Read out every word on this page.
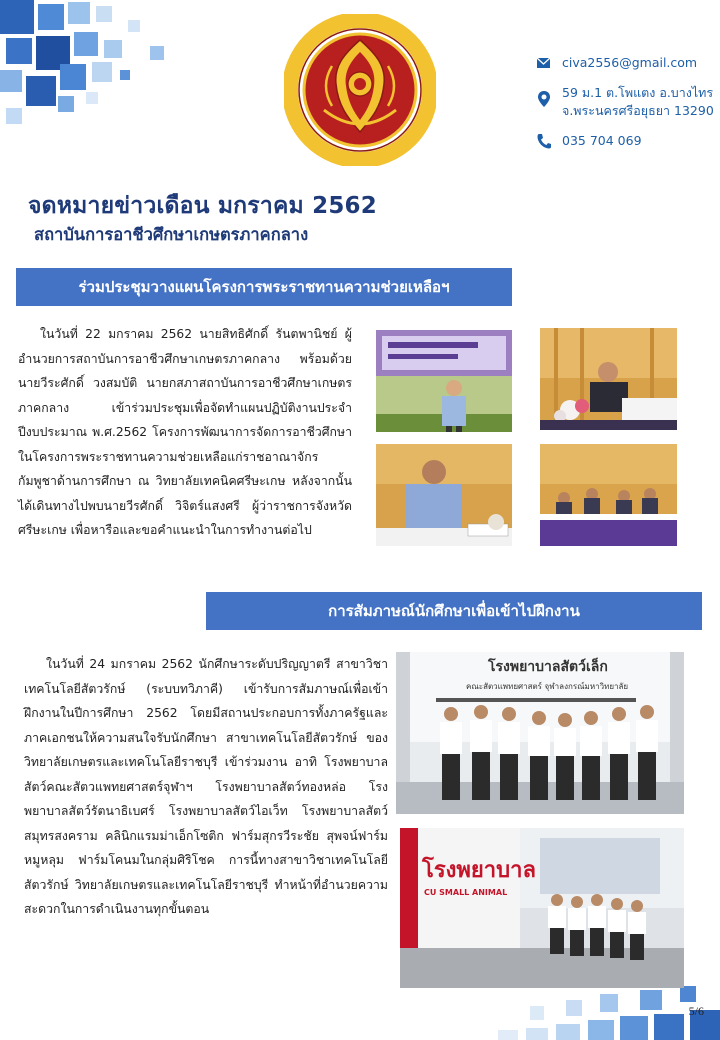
civa2556@gmail.com
59 ม.1 ต.โพแตง อ.บางไทร
จ.พระนครศรีอยุธยา 13290
035 704 069
จดหมายข่าวเดือน มกราคม 2562
สถาบันการอาชีวศึกษาเกษตรภาคกลาง
ร่วมประชุมวางแผนโครงการพระราชทานความช่วยเหลือฯ

ในวันที่ 22 มกราคม 2562 นายสิทธิศักดิ์ รันตพานิชย์ ผู้อำนวยการสถาบันการอาชีวศึกษาเกษตรภาคกลาง พร้อมด้วย นายวีระศักดิ์ วงสมบัติ นายกสภาสถาบันการอาชีวศึกษาเกษตรภาคกลาง เข้าร่วมประชุมเพื่อจัดทำแผนปฏิบัติงานประจำปีงบประมาณ พ.ศ.2562 โครงการพัฒนาการจัดการอาชีวศึกษาในโครงการพระราชทานความช่วยเหลือแก่ราชอาณาจักรกัมพูชาด้านการศึกษา ณ วิทยาลัยเทคนิคศรีษะเกษ หลังจากนั้นได้เดินทางไปพบนายวีรศักดิ์ วิจิตร์แสงศรี ผู้ว่าราชการจังหวัดศรีษะเกษ เพื่อหารือและขอคำแนะนำในการทำงานต่อไป

การสัมภาษณ์นักศึกษาเพื่อเข้าไปฝึกงาน

ในวันที่ 24 มกราคม 2562 นักศึกษาระดับปริญญาตรี สาขาวิชาเทคโนโลยีสัตวรักษ์ (ระบบทวิภาคี) เข้ารับการสัมภาษณ์เพื่อเข้าฝึกงานในปีการศึกษา 2562 โดยมีสถานประกอบการทั้งภาครัฐและภาคเอกชนให้ความสนใจรับนักศึกษา สาขาเทคโนโลยีสัตวรักษ์ ของวิทยาลัยเกษตรและเทคโนโลยีราชบุรี เข้าร่วมงาน อาทิ โรงพยาบาลสัตว์คณะสัตวแพทยศาสตร์จุฬาฯ โรงพยาบาลสัตว์ทองหล่อ โรงพยาบาลสัตว์รัตนาธิเบศร์ โรงพยาบาลสัตว์ไอเว็ท โรงพยาบาลสัตว์สมุทรสงคราม คลินิกแรมม่าเอ็กโซติก ฟาร์มสุกรวีระชัย สุพจน์ฟาร์มหมูหลุม ฟาร์มโคนมในกลุ่มศิริโชค การนี้ทางสาขาวิชาเทคโนโลยีสัตวรักษ์ วิทยาลัยเกษตรและเทคโนโลยีราชบุรี ทำหน้าที่อำนวยความสะดวกในการดำเนินงานทุกขั้นตอน

โรงพยาบาลสัตว์เล็ก
คณะสัตวแพทยศาสตร์ จุฬาลงกรณ์มหาวิทยาลัย
โรงพยาบาล
CU SMALL ANIMAL
5/6
